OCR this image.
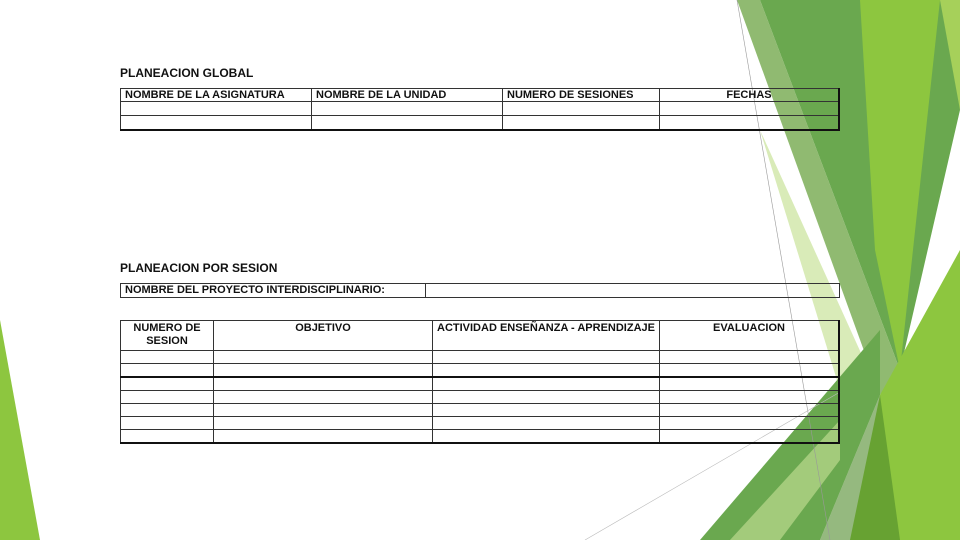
PLANEACION GLOBAL
NOMBRE DE LA ASIGNATURA	NOMBRE DE LA UNIDAD	NUMERO DE SESIONES	FECHAS

PLANEACION POR SESION
NOMBRE DEL PROYECTO INTERDISCIPLINARIO:	
NUMERO DE SESION	OBJETIVO	ACTIVIDAD ENSEÑANZA - APRENDIZAJE	EVALUACION
